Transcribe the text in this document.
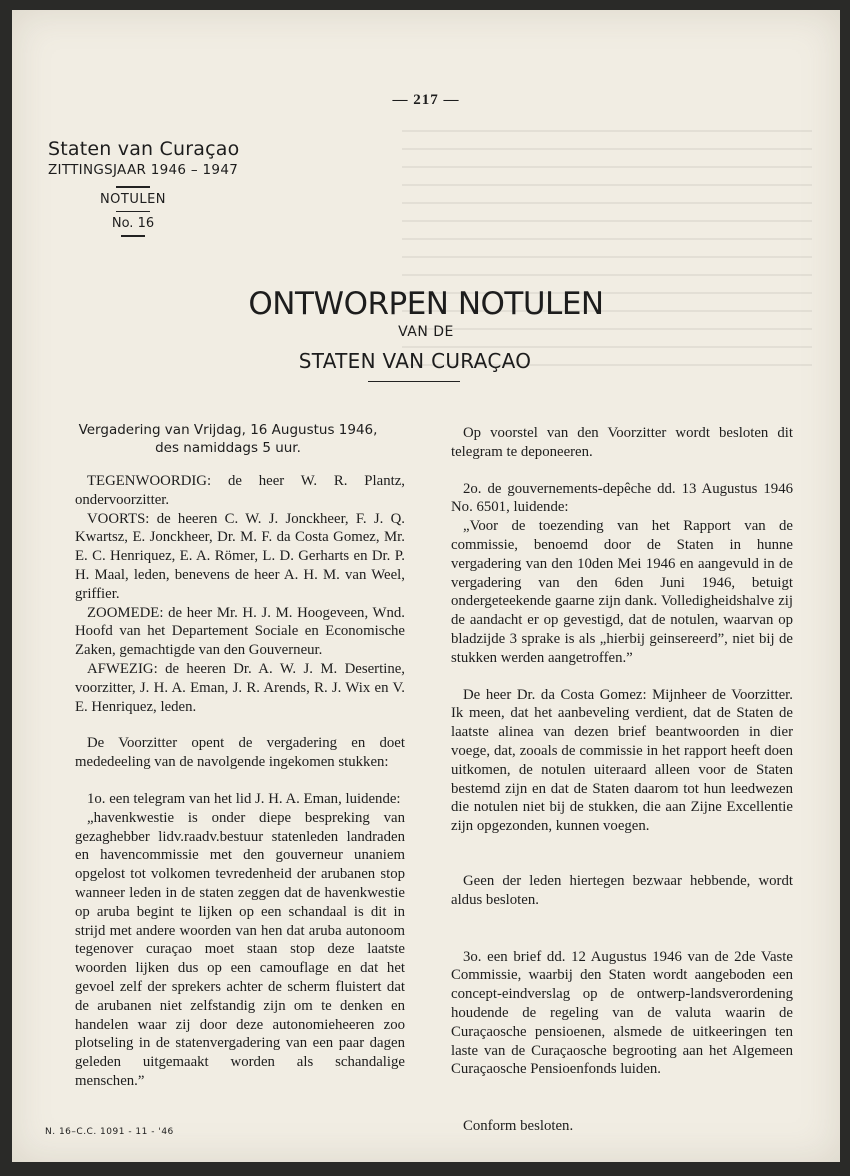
— 217 —
Staten van Curaçao
ZITTINGSJAAR 1946 – 1947
NOTULEN
No. 16
ONTWORPEN NOTULEN
VAN DE
STATEN VAN CURAÇAO
Vergadering van Vrijdag, 16 Augustus 1946,
des namiddags 5 uur.

TEGENWOORDIG: de heer W. R. Plantz, ondervoorzitter.

VOORTS: de heeren C. W. J. Jonckheer, F. J. Q. Kwartsz, E. Jonckheer, Dr. M. F. da Costa Gomez, Mr. E. C. Henriquez, E. A. Römer, L. D. Gerharts en Dr. P. H. Maal, leden, benevens de heer A. H. M. van Weel, griffier.

ZOOMEDE: de heer Mr. H. J. M. Hoogeveen, Wnd. Hoofd van het Departement Sociale en Economische Zaken, gemachtigde van den Gouverneur.

AFWEZIG: de heeren Dr. A. W. J. M. Desertine, voorzitter, J. H. A. Eman, J. R. Arends, R. J. Wix en V. E. Henriquez, leden.

De Voorzitter opent de vergadering en doet mededeeling van de navolgende ingekomen stukken:

1o. een telegram van het lid J. H. A. Eman, luidende:

„havenkwestie is onder diepe bespreking van gezaghebber lidv.raadv.bestuur statenleden landraden en havencommissie met den gouverneur unaniem opgelost tot volkomen tevredenheid der arubanen stop wanneer leden in de staten zeggen dat de havenkwestie op aruba begint te lijken op een schandaal is dit in strijd met andere woorden van hen dat aruba autonoom tegenover curaçao moet staan stop deze laatste woorden lijken dus op een camouflage en dat het gevoel zelf der sprekers achter de scherm fluistert dat de arubanen niet zelfstandig zijn om te denken en handelen waar zij door deze autonomieheeren zoo plotseling in de statenvergadering van een paar dagen geleden uitgemaakt worden als schandalige menschen.”

Op voorstel van den Voorzitter wordt besloten dit telegram te deponeeren.

2o. de gouvernements-depêche dd. 13 Augustus 1946 No. 6501, luidende:

„Voor de toezending van het Rapport van de commissie, benoemd door de Staten in hunne vergadering van den 10den Mei 1946 en aangevuld in de vergadering van den 6den Juni 1946, betuigt ondergeteekende gaarne zijn dank. Volledigheidshalve zij de aandacht er op gevestigd, dat de notulen, waarvan op bladzijde 3 sprake is als „hierbij geinsereerd”, niet bij de stukken werden aangetroffen.”

De heer Dr. da Costa Gomez: Mijnheer de Voorzitter. Ik meen, dat het aanbeveling verdient, dat de Staten de laatste alinea van dezen brief beantwoorden in dier voege, dat, zooals de commissie in het rapport heeft doen uitkomen, de notulen uiteraard alleen voor de Staten bestemd zijn en dat de Staten daarom tot hun leedwezen die notulen niet bij de stukken, die aan Zijne Excellentie zijn opgezonden, kunnen voegen.

Geen der leden hiertegen bezwaar hebbende, wordt aldus besloten.

3o. een brief dd. 12 Augustus 1946 van de 2de Vaste Commissie, waarbij den Staten wordt aangeboden een concept-eindverslag op de ontwerp-landsverordening houdende de regeling van de valuta waarin de Curaçaosche pensioenen, alsmede de uitkeeringen ten laste van de Curaçaosche begrooting aan het Algemeen Curaçaosche Pensioenfonds luiden.

Conform besloten.

N. 16–C.C. 1091 - 11 - '46
